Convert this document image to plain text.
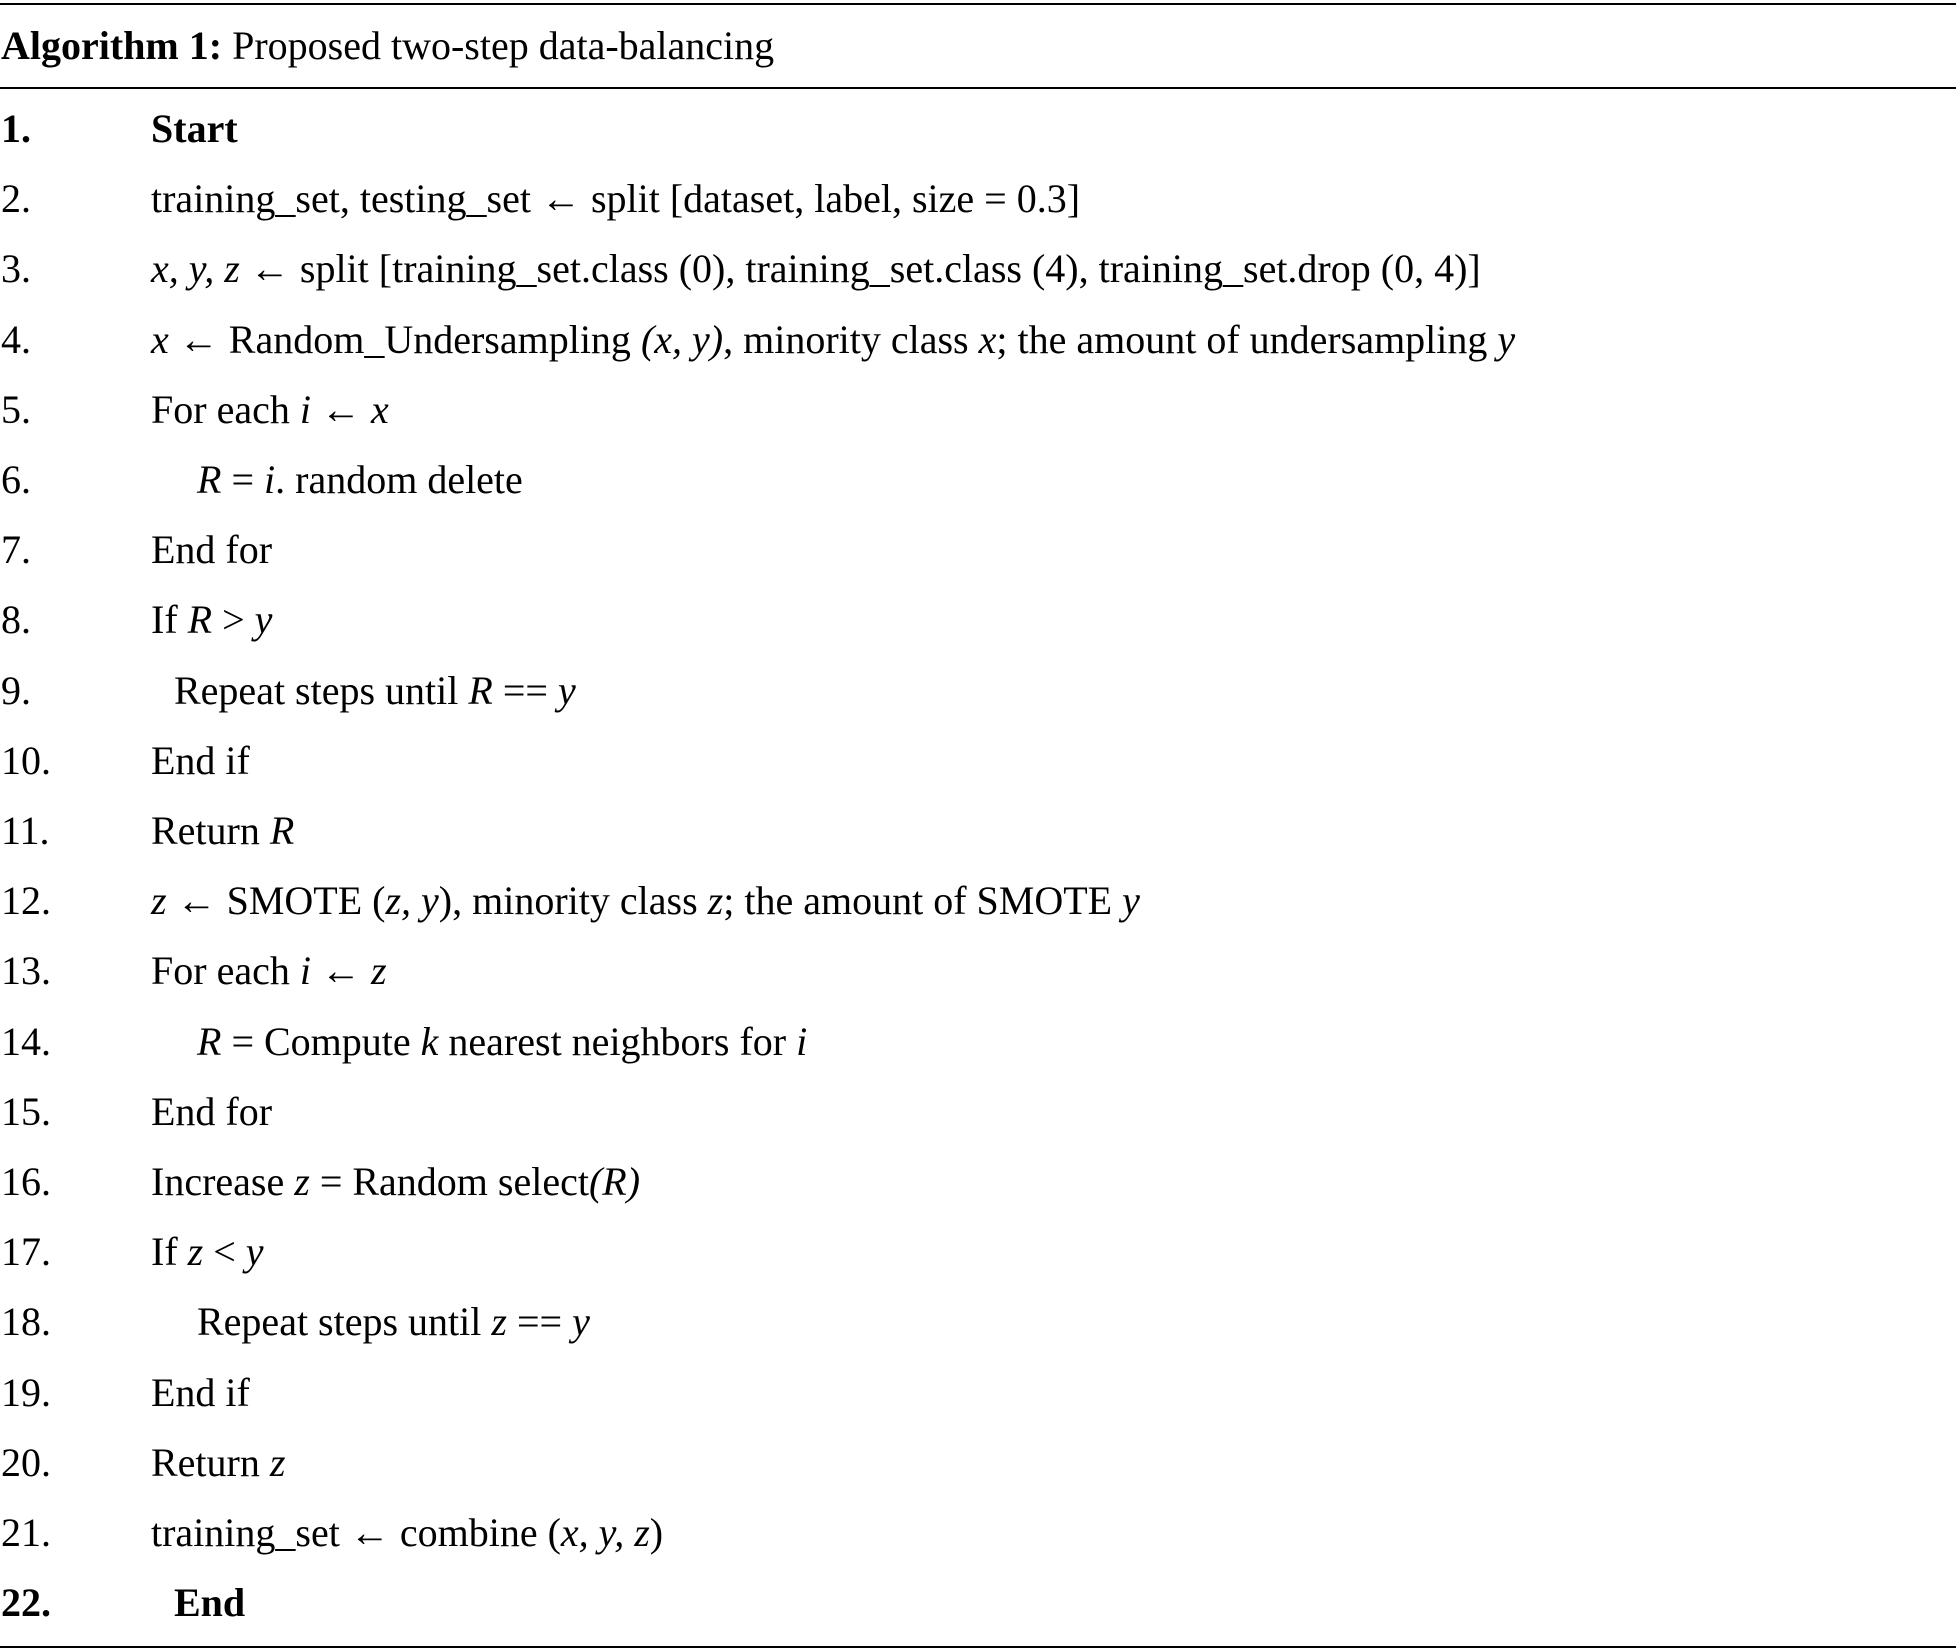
Algorithm 1: Proposed two-step data-balancing
1.	Start
2.	training_set, testing_set ← split [dataset, label, size = 0.3]
3.	x, y, z ← split [training_set.class (0), training_set.class (4), training_set.drop (0, 4)]
4.	x ← Random_Undersampling (x, y), minority class x; the amount of undersampling y
5.	For each i ← x
6.	R = i. random delete
7.	End for
8.	If R > y
9.	Repeat steps until R == y
10.	End if
11.	Return R
12.	z ← SMOTE (z, y), minority class z; the amount of SMOTE y
13.	For each i ← z
14.	R = Compute k nearest neighbors for i
15.	End for
16.	Increase z = Random select(R)
17.	If z < y
18.	Repeat steps until z == y
19.	End if
20.	Return z
21.	training_set ← combine (x, y, z)
22.	End
